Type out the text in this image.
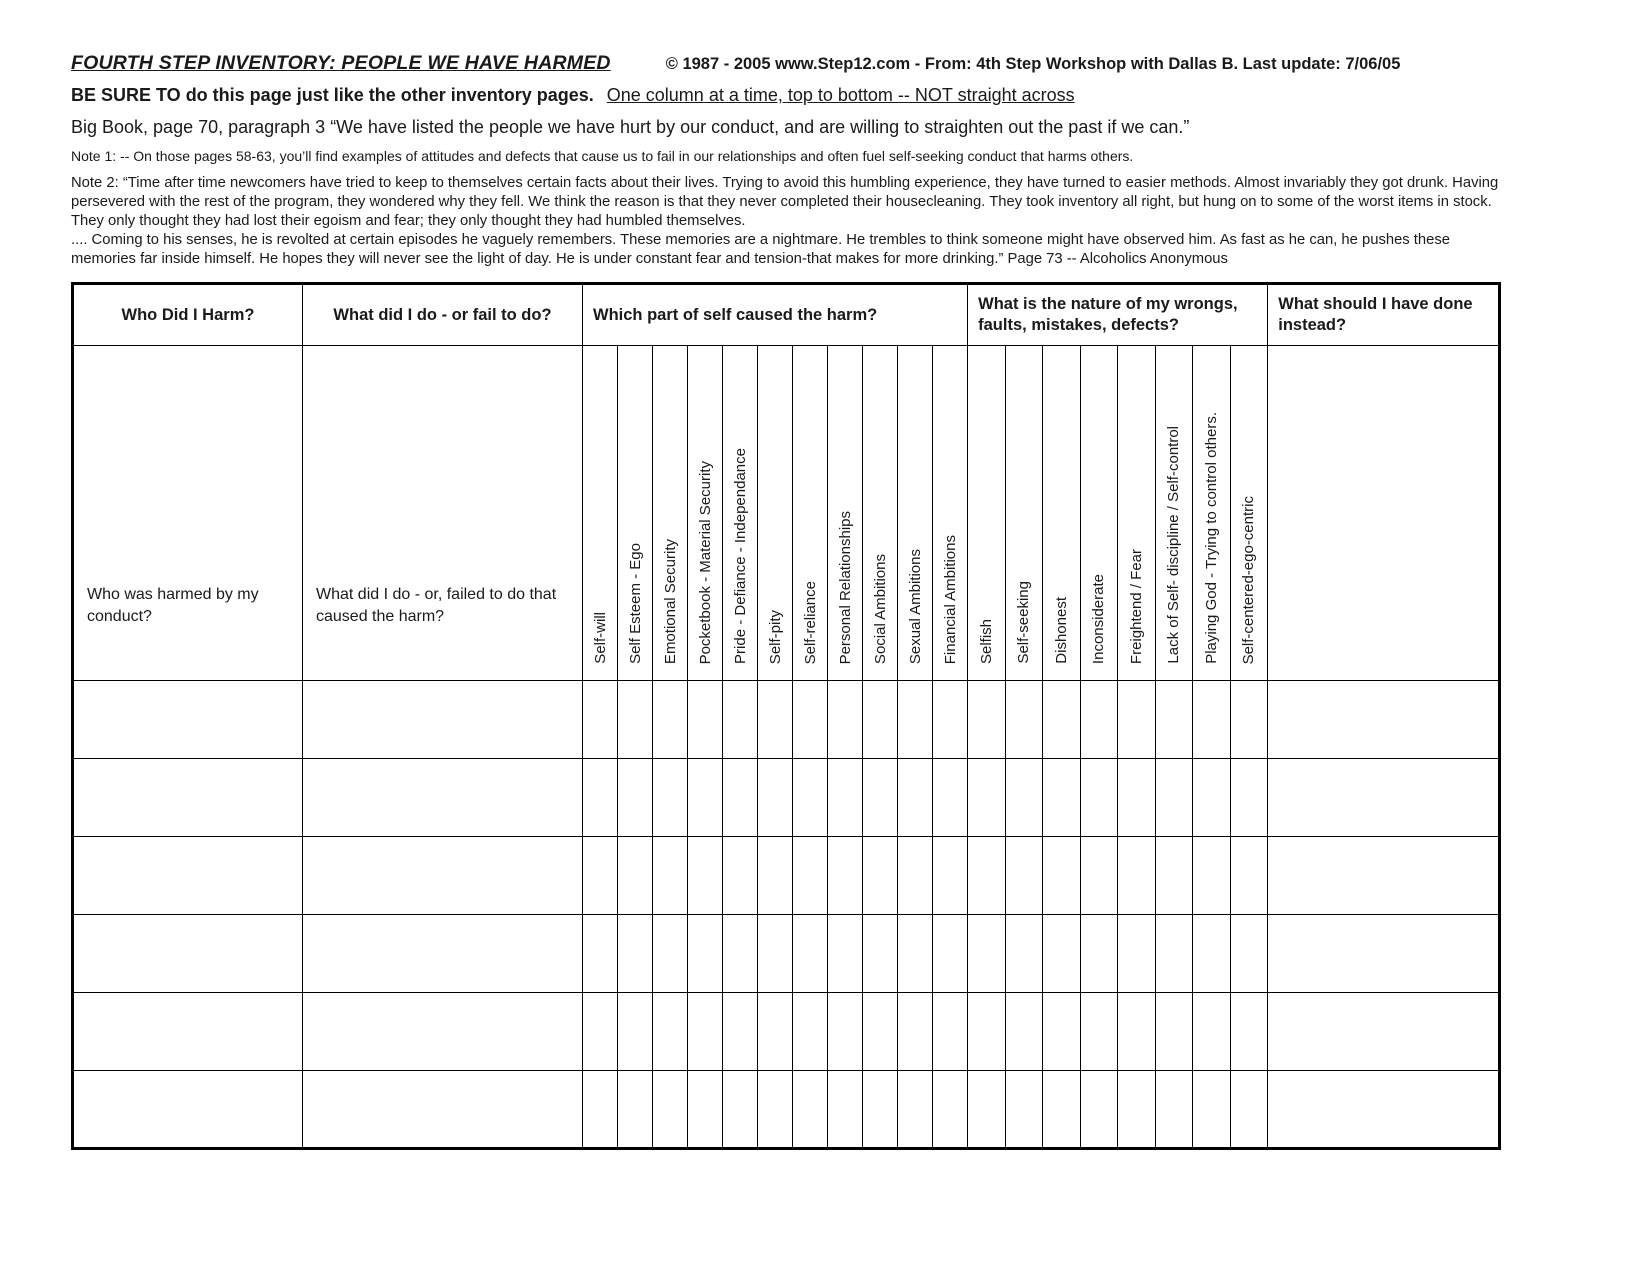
FOURTH STEP INVENTORY: PEOPLE WE HAVE HARMED	© 1987 - 2005 www.Step12.com - From: 4th Step Workshop with Dallas B. Last update: 7/06/05
BE SURE TO do this page just like the other inventory pages. One column at a time, top to bottom -- NOT straight across
Big Book, page 70, paragraph 3 “We have listed the people we have hurt by our conduct, and are willing to straighten out the past if we can.”
Note 1: -- On those pages 58-63, you’ll find examples of attitudes and defects that cause us to fail in our relationships and often fuel self-seeking conduct that harms others.
Note 2: “Time after time newcomers have tried to keep to themselves certain facts about their lives. Trying to avoid this humbling experience, they have turned to easier methods. Almost invariably they got drunk. Having persevered with the rest of the program, they wondered why they fell. We think the reason is that they never completed their housecleaning. They took inventory all right, but hung on to some of the worst items in stock. They only thought they had lost their egoism and fear; they only thought they had humbled themselves.
.... Coming to his senses, he is revolted at certain episodes he vaguely remembers. These memories are a nightmare. He trembles to think someone might have observed him. As fast as he can, he pushes these memories far inside himself. He hopes they will never see the light of day. He is under constant fear and tension-that makes for more drinking.” Page 73 -- Alcoholics Anonymous
Who Did I Harm?	What did I do - or fail to do?	Which part of self caused the harm?											What is the nature of my wrongs, faults, mistakes, defects?								What should I have done instead?
Who was harmed by my conduct?	What did I do - or, failed to do that caused the harm?	Self-will	Self Esteem - Ego	Emotional Security	Pocketbook - Material Security	Pride - Defiance - Independance	Self-pity	Self-reliance	Personal Relationships	Social Ambitions	Sexual Ambitions	Financial Ambitions	Selfish	Self-seeking	Dishonest	Inconsiderate	Freightend / Fear	Lack of Self- discipline / Self-control	Playing God - Trying to control others.	Self-centered-ego-centric	
